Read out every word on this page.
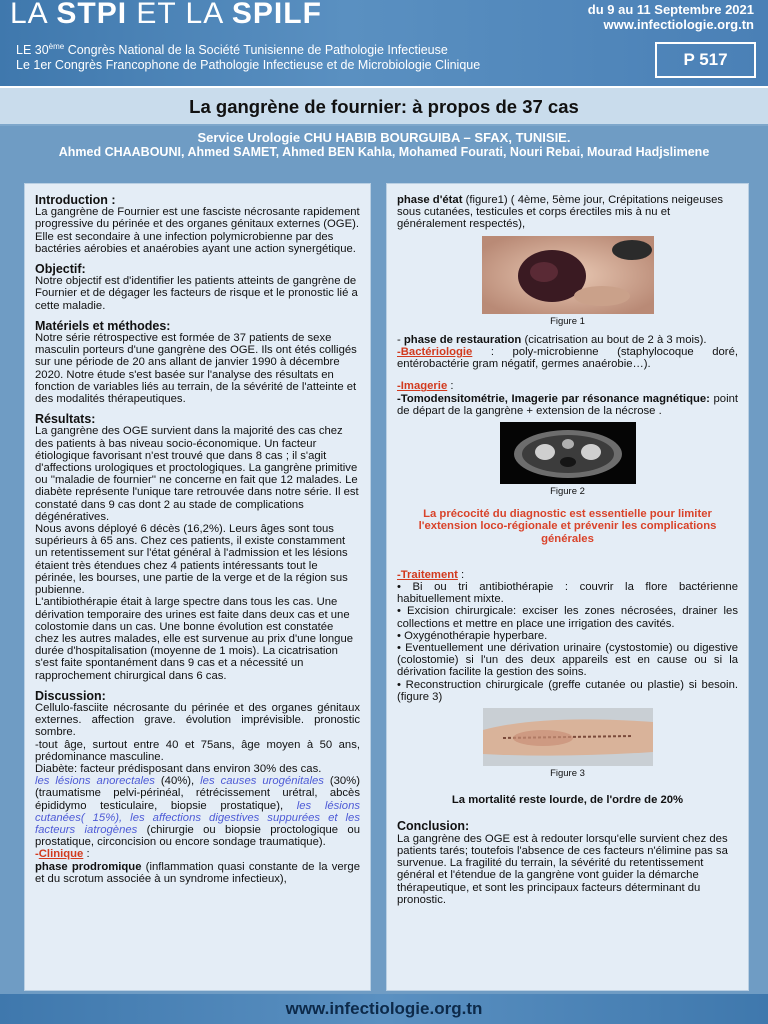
LA STPI ET LA SPILF	du 9 au 11 Septembre 2021
www.infectiologie.org.tn
LE 30ème Congrès National de la Société Tunisienne de Pathologie Infectieuse
Le 1er Congrès Francophone de Pathologie Infectieuse et de Microbiologie Clinique	P 517
La gangrène de fournier: à propos de 37 cas
Service Urologie CHU HABIB BOURGUIBA – SFAX, TUNISIE.
Ahmed CHAABOUNI, Ahmed SAMET, Ahmed BEN Kahla, Mohamed Fourati, Nouri Rebai, Mourad Hadjslimene
Introduction :

La gangrène de Fournier est une fasciste nécrosante rapidement progressive du périnée et des organes génitaux externes (OGE). Elle est secondaire à une infection polymicrobienne par des bactéries aérobies et anaérobies ayant une action synergétique.

Objectif:

Notre objectif est d'identifier les patients atteints de gangrène de Fournier et de dégager les facteurs de risque et le pronostic lié a cette maladie.

Matériels et méthodes:

Notre série rétrospective est formée de 37 patients de sexe masculin porteurs d'une gangrène des OGE. Ils ont étés colligés sur une période de 20 ans allant de janvier 1990 à décembre 2020. Notre étude s'est basée sur l'analyse des résultats en fonction de variables liés au terrain, de la sévérité de l'atteinte et des modalités thérapeutiques.

Résultats:

La gangrène des OGE survient dans la majorité des cas chez des patients à bas niveau socio-économique. Un facteur étiologique favorisant n'est trouvé que dans 8 cas ; il s'agit d'affections urologiques et proctologiques. La gangrène primitive ou ''maladie de fournier'' ne concerne en fait que 12 malades. Le diabète représente l'unique tare retrouvée dans notre série. Il est constaté dans 9 cas dont 2 au stade de complications dégénératives.

Nous avons déployé 6 décès (16,2%). Leurs âges sont tous supérieurs à 65 ans. Chez ces patients, il existe constamment un retentissement sur l'état général à l'admission et les lésions étaient très étendues chez 4 patients intéressants tout le périnée, les bourses, une partie de la verge et de la région sus pubienne.

L'antibiothérapie était à large spectre dans tous les cas. Une dérivation temporaire des urines est faite dans deux cas et une colostomie dans un cas. Une bonne évolution est constatée chez les autres malades, elle est survenue au prix d'une longue durée d'hospitalisation (moyenne de 1 mois). La cicatrisation s'est faite spontanément dans 9 cas et a nécessité un rapprochement chirurgical dans 6 cas.

Discussion:

Cellulo-fasciite nécrosante du périnée et des organes génitaux externes. affection grave. évolution imprévisible. pronostic sombre.

-tout âge, surtout entre 40 et 75ans, âge moyen à 50 ans, prédominance masculine.

Diabète: facteur prédisposant dans environ 30% des cas.

les lésions anorectales (40%), les causes urogénitales (30%) (traumatisme pelvi-périnéal, rétrécissement urétral, abcès épididymo testiculaire, biopsie prostatique), les lésions cutanées( 15%), les affections digestives suppurées et les facteurs iatrogènes (chirurgie ou biopsie proctologique ou prostatique, circoncision ou encore sondage traumatique).

-Clinique :

phase prodromique (inflammation quasi constante de la verge et du scrotum associée à un syndrome infectieux),

phase d'état (figure1) ( 4ème, 5ème jour, Crépitations neigeuses sous cutanées, testicules et corps érectiles mis à nu et généralement respectés),

Figure 1

- phase de restauration (cicatrisation au bout de 2 à 3 mois).

-Bactériologie : poly-microbienne (staphylocoque doré, entérobactérie gram négatif, germes anaérobie…).

-Imagerie :

-Tomodensitométrie, Imagerie par résonance magnétique: point de départ de la gangrène + extension de la nécrose .

Figure 2

La précocité du diagnostic est essentielle pour limiter l'extension loco-régionale et prévenir les complications générales

-Traitement :

• Bi ou tri antibiothérapie : couvrir la flore bactérienne habituellement mixte.

• Excision chirurgicale: exciser les zones nécrosées, drainer les collections et mettre en place une irrigation des cavités.

• Oxygénothérapie hyperbare.

• Eventuellement une dérivation urinaire (cystostomie) ou digestive (colostomie) si l'un des deux appareils est en cause ou si la dérivation facilite la gestion des soins.

• Reconstruction chirurgicale (greffe cutanée ou plastie) si besoin. (figure 3)

Figure 3

La mortalité reste lourde, de l'ordre de 20%

Conclusion:

La gangrène des OGE est à redouter lorsqu'elle survient chez des patients tarés; toutefois l'absence de ces facteurs n'élimine pas sa survenue. La fragilité du terrain, la sévérité du retentissement général et l'étendue de la gangrène vont guider la démarche thérapeutique, et sont les principaux facteurs déterminant du pronostic.

www.infectiologie.org.tn
